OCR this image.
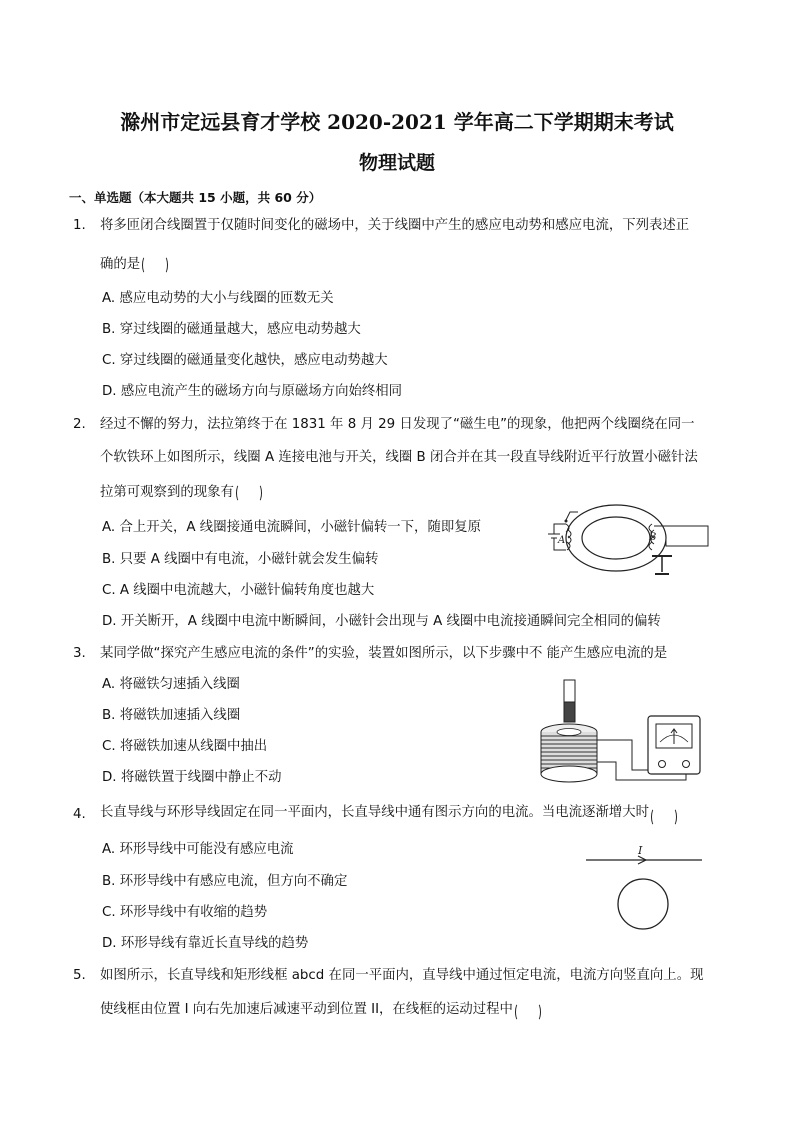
滁州市定远县育才学校 2020-2021 学年高二下学期期末考试
物理试题
一、单选题（本大题共 15 小题，共 60 分）
1. 将多匝闭合线圈置于仅随时间变化的磁场中，关于线圈中产生的感应电动势和感应电流，下列表述正
确的是
A. 感应电动势的大小与线圈的匝数无关
B. 穿过线圈的磁通量越大，感应电动势越大
C. 穿过线圈的磁通量变化越快，感应电动势越大
D. 感应电流产生的磁场方向与原磁场方向始终相同
2. 经过不懈的努力，法拉第终于在 1831 年 8 月 29 日发现了“磁生电”的现象，他把两个线圈绕在同一
个软铁环上如图所示，线圈 A 连接电池与开关，线圈 B 闭合并在其一段直导线附近平行放置小磁针法
拉第可观察到的现象有
A. 合上开关，A 线圈接通电流瞬间，小磁针偏转一下，随即复原
B. 只要 A 线圈中有电流，小磁针就会发生偏转
C. A 线圈中电流越大，小磁针偏转角度也越大
D. 开关断开，A 线圈中电流中断瞬间，小磁针会出现与 A 线圈中电流接通瞬间完全相同的偏转
A	B
3. 某同学做“探究产生感应电流的条件”的实验，装置如图所示，以下步骤中不 能产生感应电流的是
A. 将磁铁匀速插入线圈
B. 将磁铁加速插入线圈
C. 将磁铁加速从线圈中抽出
D. 将磁铁置于线圈中静止不动
4. 长直导线与环形导线固定在同一平面内，长直导线中通有图示方向的电流。当电流逐渐增大时
A. 环形导线中可能没有感应电流
B. 环形导线中有感应电流，但方向不确定
C. 环形导线中有收缩的趋势
D. 环形导线有靠近长直导线的趋势
I
5. 如图所示，长直导线和矩形线框 abcd 在同一平面内，直导线中通过恒定电流，电流方向竖直向上。现
使线框由位置 I 向右先加速后减速平动到位置 II，在线框的运动过程中
